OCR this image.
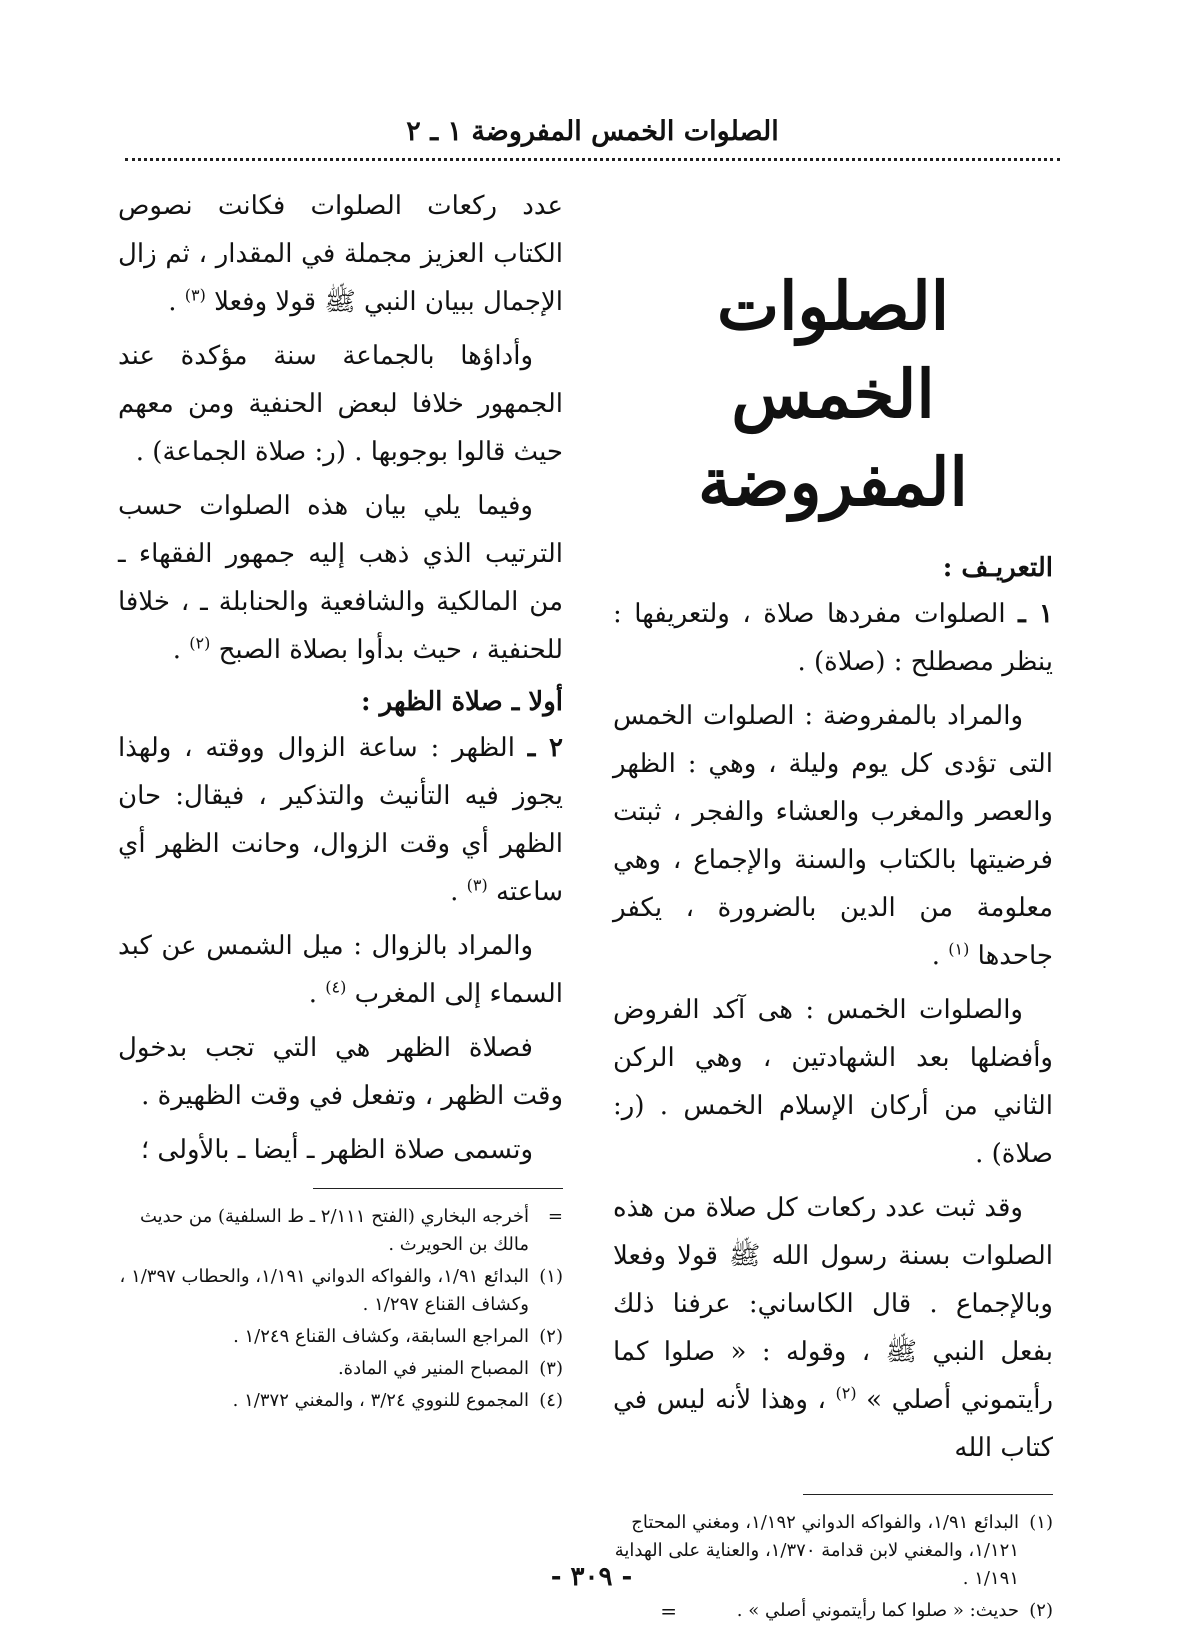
الصلوات الخمس المفروضة ١ ـ ٢
الصلوات الخمس
المفروضة

التعريـف :

١ ـ الصلوات مفردها صلاة ، ولتعريفها : ينظر مصطلح : (صلاة) .

والمراد بالمفروضة : الصلوات الخمس التى تؤدى كل يوم وليلة ، وهي : الظهر والعصر والمغرب والعشاء والفجر ، ثبتت فرضيتها بالكتاب والسنة والإجماع ، وهي معلومة من الدين بالضرورة ، يكفر جاحدها $^{(١)}$ .

والصلوات الخمس : هى آكد الفروض وأفضلها بعد الشهادتين ، وهي الركن الثاني من أركان الإسلام الخمس . (ر: صلاة) .

وقد ثبت عدد ركعات كل صلاة من هذه الصلوات بسنة رسول الله ﷺ قولا وفعلا وبالإجماع . قال الكاساني: عرفنا ذلك بفعل النبي ﷺ ، وقوله : « صلوا كما رأيتموني أصلي » $^{(٢)}$ ، وهذا لأنه ليس في كتاب الله

(١)البدائع ١/٩١، والفواكه الدواني ١/١٩٢، ومغني المحتاج ١/١٢١، والمغني لابن قدامة ١/٣٧٠، والعناية على الهداية ١/١٩١ .

(٢)حديث: « صلوا كما رأيتموني أصلي » .
=

عدد ركعات الصلوات فكانت نصوص الكتاب العزيز مجملة في المقدار ، ثم زال الإجمال ببيان النبي ﷺ قولا وفعلا $^{(٣)}$ .

وأداؤها بالجماعة سنة مؤكدة عند الجمهور خلافا لبعض الحنفية ومن معهم حيث قالوا بوجوبها . (ر: صلاة الجماعة) .

وفيما يلي بيان هذه الصلوات حسب الترتيب الذي ذهب إليه جمهور الفقهاء ـ من المالكية والشافعية والحنابلة ـ ، خلافا للحنفية ، حيث بدأوا بصلاة الصبح $^{(٢)}$ .

أولا ـ صلاة الظهر :

٢ ـ الظهر : ساعة الزوال ووقته ، ولهذا يجوز فيه التأنيث والتذكير ، فيقال: حان الظهر أي وقت الزوال، وحانت الظهر أي ساعته $^{(٣)}$ .

والمراد بالزوال : ميل الشمس عن كبد السماء إلى المغرب $^{(٤)}$ .

فصلاة الظهر هي التي تجب بدخول وقت الظهر ، وتفعل في وقت الظهيرة .

وتسمى صلاة الظهر ـ أيضا ـ بالأولى ؛

=أخرجه البخاري (الفتح ٢/١١١ ـ ط السلفية) من حديث مالك بن الحويرث .

(١)البدائع ١/٩١، والفواكه الدواني ١/١٩١، والحطاب ١/٣٩٧ ، وكشاف القناع ١/٢٩٧ .

(٢)المراجع السابقة، وكشاف القناع ١/٢٤٩ .

(٣)المصباح المنير في المادة.

(٤)المجموع للنووي ٣/٢٤ ، والمغني ١/٣٧٢ .

- ٣٠٩ -
